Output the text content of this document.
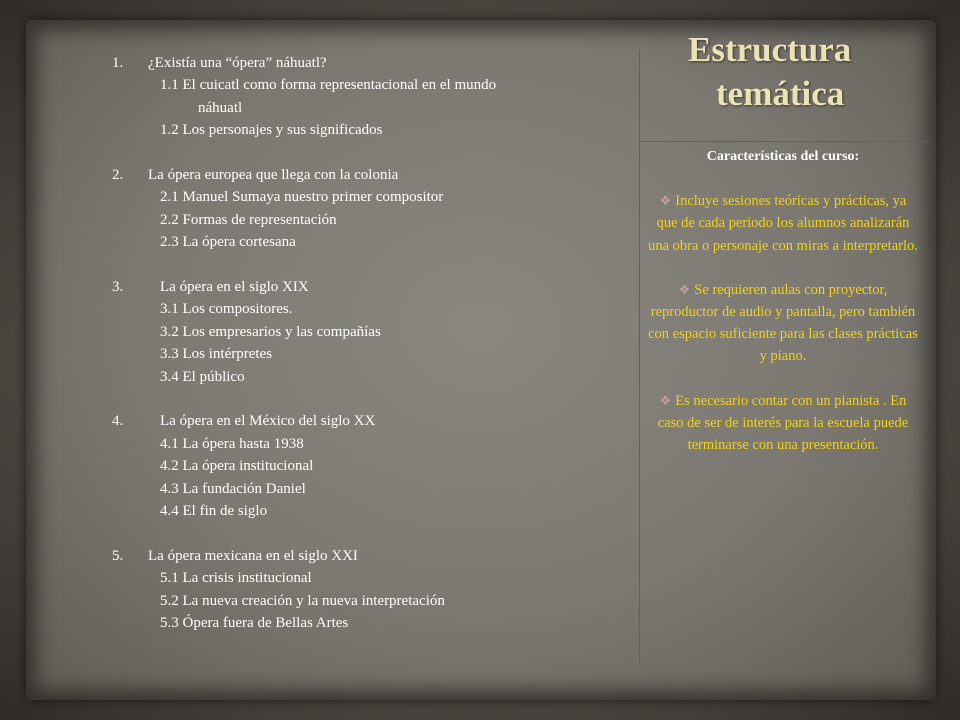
1. ¿Existía una “ópera” náhuatl?
1.1 El cuicatl como forma representacional en el mundo
náhuatl
1.2 Los personajes y sus significados
2. La ópera europea que llega con la colonia
2.1 Manuel Sumaya nuestro primer compositor
2.2 Formas de representación
2.3 La ópera cortesana
3. La ópera en el siglo XIX
3.1 Los compositores.
3.2 Los empresarios y las compañías
3.3 Los intérpretes
3.4 El público
4. La ópera en el México del siglo XX
4.1 La ópera hasta 1938
4.2 La ópera institucional
4.3 La fundación Daniel
4.4 El fin de siglo
5. La ópera mexicana en el siglo XXI
5.1 La crisis institucional
5.2 La nueva creación y la nueva interpretación
5.3 Ópera fuera de Bellas Artes
Estructura
temática
Características del curso:
❖ Incluye sesiones teóricas y prácticas, ya que de cada periodo los alumnos analizarán una obra o personaje con miras a interpretarlo.
❖ Se requieren aulas con proyector, reproductor de audio y pantalla, pero también con espacio suficiente para las clases prácticas y piano.
❖ Es necesario contar con un pianista . En caso de ser de interés para la escuela puede terminarse con una presentación.
